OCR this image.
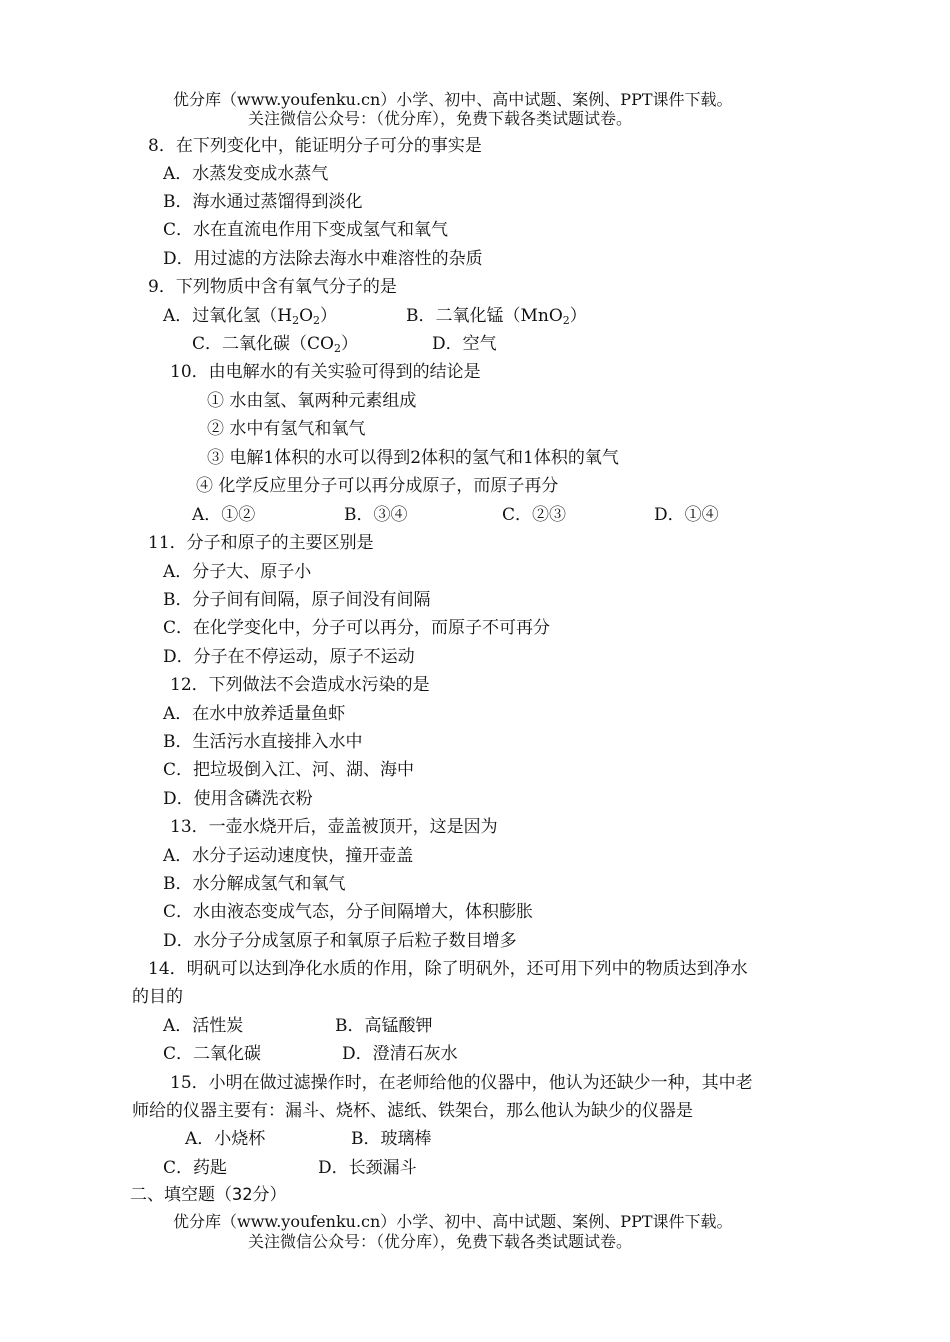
优分库（www.youfenku.cn）小学、初中、高中试题、案例、PPT课件下载。
关注微信公众号：（优分库），免费下载各类试题试卷。
8．在下列变化中，能证明分子可分的事实是
A．水蒸发变成水蒸气
B．海水通过蒸馏得到淡化
C．水在直流电作用下变成氢气和氧气
D．用过滤的方法除去海水中难溶性的杂质
9．下列物质中含有氧气分子的是
A．过氧化氢$(H_2O_2)$	B．二氧化锰（MnO$_2$）
C．二氧化碳$(CO_2)$	D．空气
10．由电解水的有关实验可得到的结论是
① 水由氢、氧两种元素组成
② 水中有氢气和氧气
③ 电解1体积的水可以得到2体积的氢气和1体积的氧气
④ 化学反应里分子可以再分成原子，而原子再分
A．①②	B．③④	C．②③	D．①④
11．分子和原子的主要区别是
A．分子大、原子小
B．分子间有间隔，原子间没有间隔
C．在化学变化中，分子可以再分，而原子不可再分
D．分子在不停运动，原子不运动
12．下列做法不会造成水污染的是
A．在水中放养适量鱼虾
B．生活污水直接排入水中
C．把垃圾倒入江、河、湖、海中
D．使用含磷洗衣粉
13．一壶水烧开后，壶盖被顶开，这是因为
A．水分子运动速度快，撞开壶盖
B．水分解成氢气和氧气
C．水由液态变成气态，分子间隔增大，体积膨胀
D．水分子分成氢原子和氧原子后粒子数目增多
14．明矾可以达到净化水质的作用，除了明矾外，还可用下列中的物质达到净水
的目的
A．活性炭	B．高锰酸钾
C．二氧化碳	D．澄清石灰水
15．小明在做过滤操作时，在老师给他的仪器中，他认为还缺少一种，其中老
师给的仪器主要有：漏斗、烧杯、滤纸、铁架台，那么他认为缺少的仪器是
A．小烧杯	B．玻璃棒
C．药匙	D．长颈漏斗
二、填空题（32分）
优分库（www.youfenku.cn）小学、初中、高中试题、案例、PPT课件下载。
关注微信公众号：（优分库），免费下载各类试题试卷。
